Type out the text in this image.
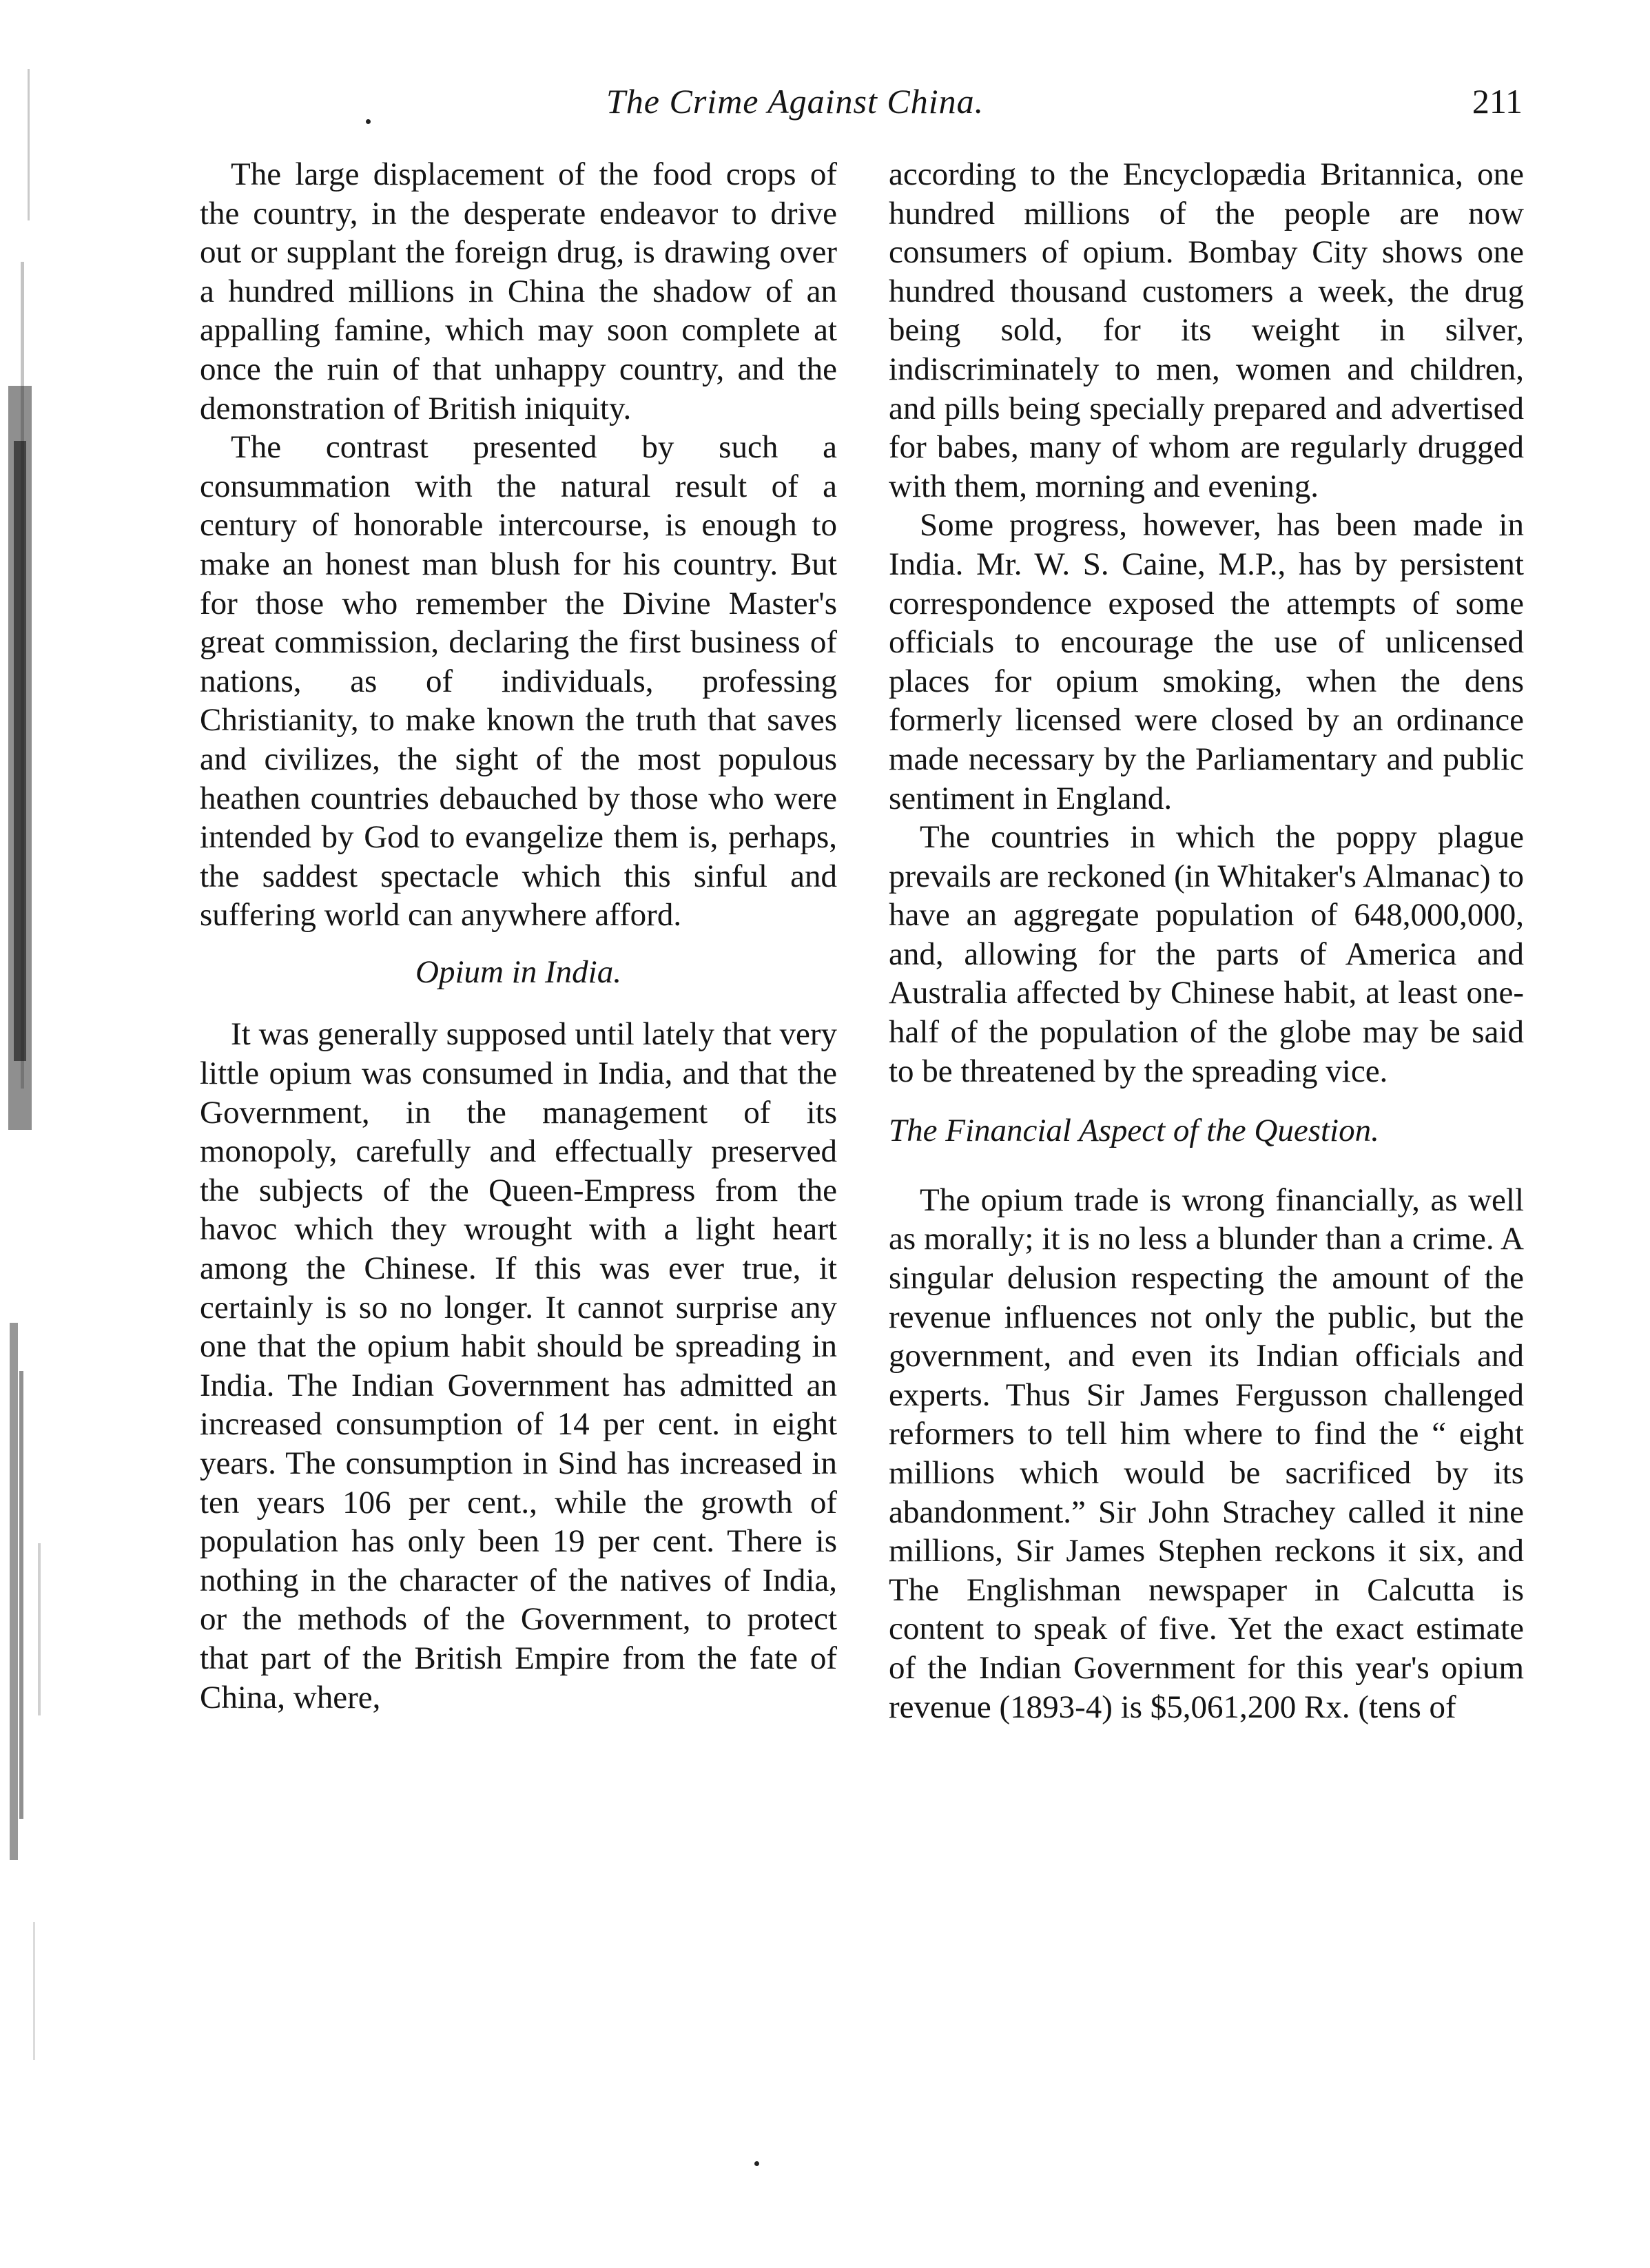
The Crime Against China.	211

The large displacement of the food crops of the country, in the desperate endeavor to drive out or supplant the foreign drug, is drawing over a hundred millions in China the shadow of an appalling famine, which may soon complete at once the ruin of that unhappy country, and the demonstration of British iniquity.

The contrast presented by such a consummation with the natural result of a century of honorable intercourse, is enough to make an honest man blush for his country. But for those who remember the Divine Master's great commission, declaring the first business of nations, as of individuals, professing Christianity, to make known the truth that saves and civilizes, the sight of the most populous heathen countries debauched by those who were intended by God to evangelize them is, perhaps, the saddest spectacle which this sinful and suffering world can anywhere afford.

Opium in India.

It was generally supposed until lately that very little opium was consumed in India, and that the Government, in the management of its monopoly, carefully and effectually preserved the subjects of the Queen-Empress from the havoc which they wrought with a light heart among the Chinese. If this was ever true, it certainly is so no longer. It cannot surprise any one that the opium habit should be spreading in India. The Indian Government has admitted an increased consumption of 14 per cent. in eight years. The consumption in Sind has increased in ten years 106 per cent., while the growth of population has only been 19 per cent. There is nothing in the character of the natives of India, or the methods of the Government, to protect that part of the British Empire from the fate of China, where,

according to the Encyclopædia Britannica, one hundred millions of the people are now consumers of opium. Bombay City shows one hundred thousand customers a week, the drug being sold, for its weight in silver, indiscriminately to men, women and children, and pills being specially prepared and advertised for babes, many of whom are regularly drugged with them, morning and evening.

Some progress, however, has been made in India. Mr. W. S. Caine, M.P., has by persistent correspondence exposed the attempts of some officials to encourage the use of unlicensed places for opium smoking, when the dens formerly licensed were closed by an ordinance made necessary by the Parliamentary and public sentiment in England.

The countries in which the poppy plague prevails are reckoned (in Whitaker's Almanac) to have an aggregate population of 648,000,000, and, allowing for the parts of America and Australia affected by Chinese habit, at least one-half of the population of the globe may be said to be threatened by the spreading vice.

The Financial Aspect of the Question.

The opium trade is wrong financially, as well as morally; it is no less a blunder than a crime. A singular delusion respecting the amount of the revenue influences not only the public, but the government, and even its Indian officials and experts. Thus Sir James Fergusson challenged reformers to tell him where to find the “ eight millions which would be sacrificed by its abandonment.” Sir John Strachey called it nine millions, Sir James Stephen reckons it six, and The Englishman newspaper in Calcutta is content to speak of five. Yet the exact estimate of the Indian Government for this year's opium revenue (1893-4) is $5,061,200 Rx. (tens of
